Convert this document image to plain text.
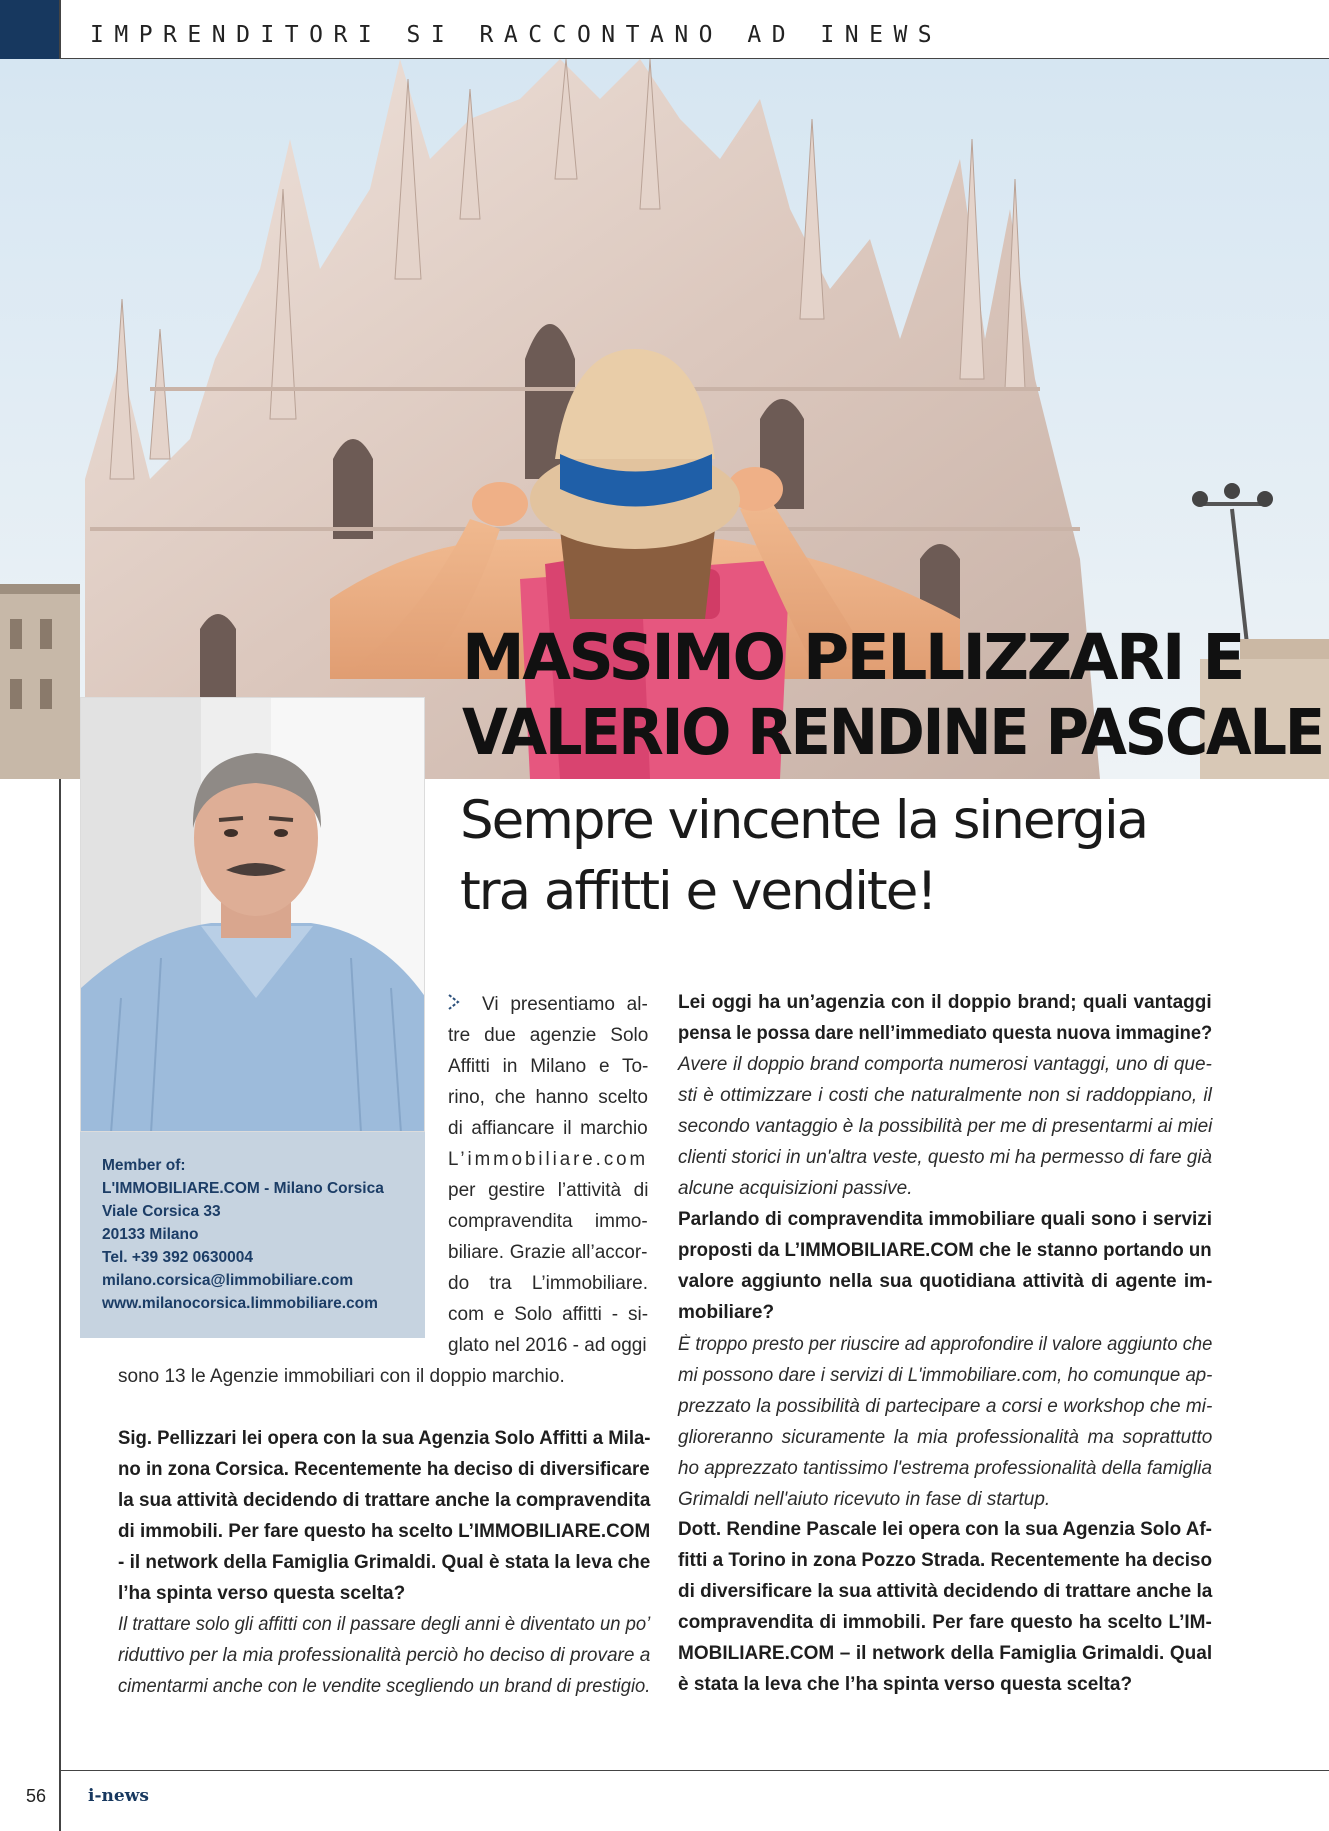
IMPRENDITORI SI RACCONTANO AD INEWS
MASSIMO PELLIZZARI E
VALERIO RENDINE PASCALE
Sempre vincente la sinergia
tra affitti e vendite!
Member of:
L'IMMOBILIARE.COM - Milano Corsica
Viale Corsica 33
20133 Milano
Tel. +39 392 0630004
milano.corsica@limmobiliare.com
www.milanocorsica.limmobiliare.com
Vi presentiamo al-
tre due agenzie Solo
Affitti in Milano e To-
rino, che hanno scelto
di affiancare il marchio
L’immobiliare.com
per gestire l’attività di
compravendita immo-
biliare. Grazie all’accor-
do tra L’immobiliare.
com e Solo affitti - si-
glato nel 2016 - ad oggi
sono 13 le Agenzie immobiliari con il doppio marchio.
Sig. Pellizzari lei opera con la sua Agenzia Solo Affitti a Mila-
no in zona Corsica. Recentemente ha deciso di diversificare
la sua attività decidendo di trattare anche la compravendita
di immobili. Per fare questo ha scelto L’IMMOBILIARE.COM
- il network della Famiglia Grimaldi. Qual è stata la leva che
l’ha spinta verso questa scelta?
Il trattare solo gli affitti con il passare degli anni è diventato un po’
riduttivo per la mia professionalità perciò ho deciso di provare a
cimentarmi anche con le vendite scegliendo un brand di prestigio.
Lei oggi ha un’agenzia con il doppio brand; quali vantaggi
pensa le possa dare nell’immediato questa nuova immagine?
Avere il doppio brand comporta numerosi vantaggi, uno di que-
sti è ottimizzare i costi che naturalmente non si raddoppiano, il
secondo vantaggio è la possibilità per me di presentarmi ai miei
clienti storici in un'altra veste, questo mi ha permesso di fare già
alcune acquisizioni passive.
Parlando di compravendita immobiliare quali sono i servizi
proposti da L’IMMOBILIARE.COM che le stanno portando un
valore aggiunto nella sua quotidiana attività di agente im-
mobiliare?
È troppo presto per riuscire ad approfondire il valore aggiunto che
mi possono dare i servizi di L'immobiliare.com, ho comunque ap-
prezzato la possibilità di partecipare a corsi e workshop che mi-
glioreranno sicuramente la mia professionalità ma soprattutto
ho apprezzato tantissimo l'estrema professionalità della famiglia
Grimaldi nell'aiuto ricevuto in fase di startup.
Dott. Rendine Pascale lei opera con la sua Agenzia Solo Af-
fitti a Torino in zona Pozzo Strada. Recentemente ha deciso
di diversificare la sua attività decidendo di trattare anche la
compravendita di immobili. Per fare questo ha scelto L’IM-
MOBILIARE.COM – il network della Famiglia Grimaldi. Qual
è stata la leva che l’ha spinta verso questa scelta?
56 i-news
